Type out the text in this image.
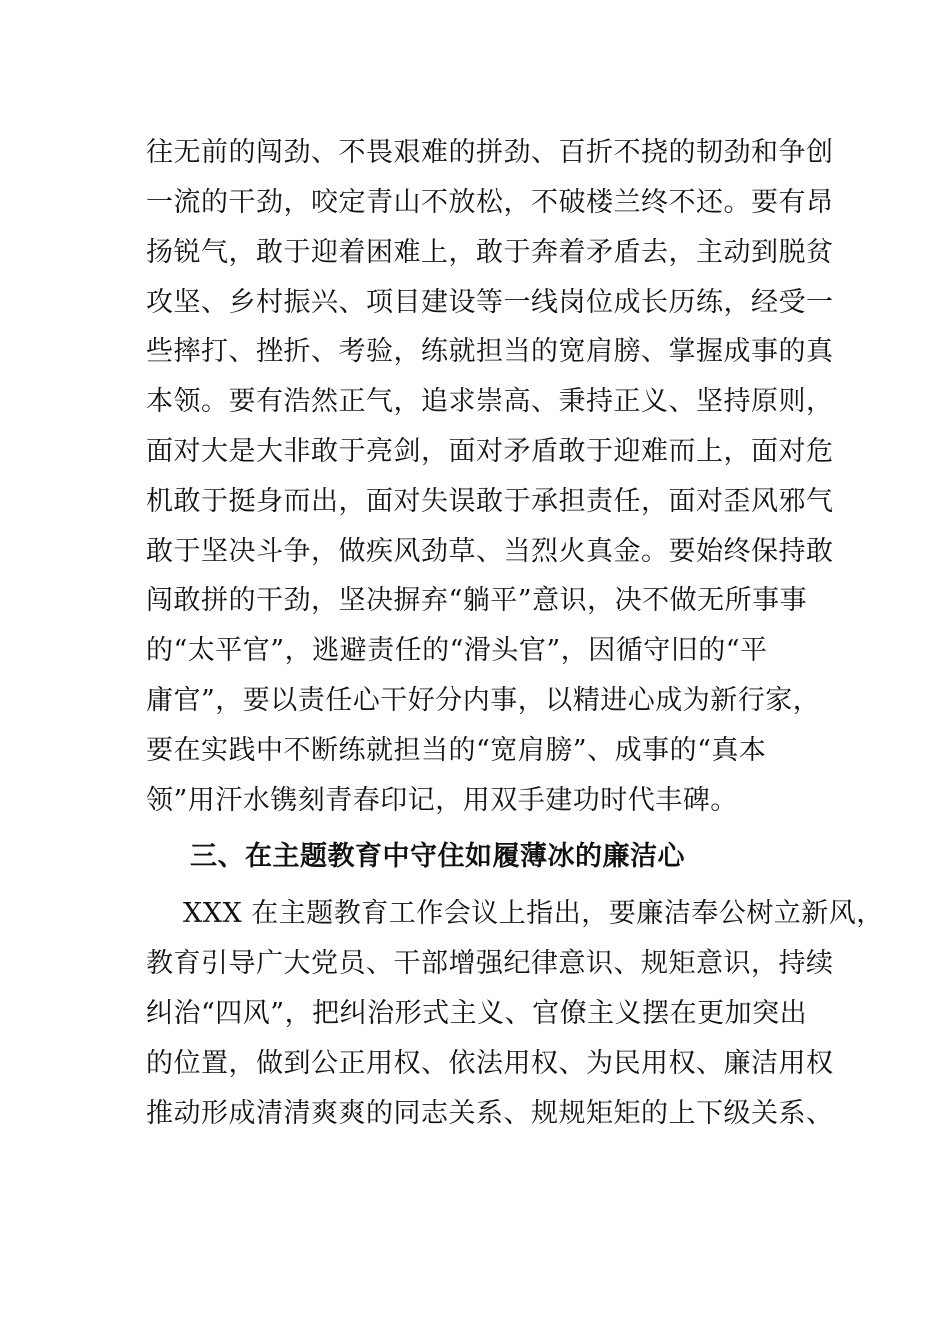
往无前的闯劲、不畏艰难的拼劲、百折不挠的韧劲和争创
一流的干劲，咬定青山不放松，不破楼兰终不还。要有昂
扬锐气，敢于迎着困难上，敢于奔着矛盾去，主动到脱贫
攻坚、乡村振兴、项目建设等一线岗位成长历练，经受一
些摔打、挫折、考验，练就担当的宽肩膀、掌握成事的真
本领。要有浩然正气，追求崇高、秉持正义、坚持原则，
面对大是大非敢于亮剑，面对矛盾敢于迎难而上，面对危
机敢于挺身而出，面对失误敢于承担责任，面对歪风邪气
敢于坚决斗争，做疾风劲草、当烈火真金。要始终保持敢
闯敢拼的干劲，坚决摒弃“躺平”意识，决不做无所事事
的“太平官”，逃避责任的“滑头官”，因循守旧的“平
庸官”，要以责任心干好分内事，以精进心成为新行家，
要在实践中不断练就担当的“宽肩膀”、成事的“真本
领”用汗水镌刻青春印记，用双手建功时代丰碑。
三、在主题教育中守住如履薄冰的廉洁心
XXX 在主题教育工作会议上指出，要廉洁奉公树立新风，
教育引导广大党员、干部增强纪律意识、规矩意识，持续
纠治“四风”，把纠治形式主义、官僚主义摆在更加突出
的位置，做到公正用权、依法用权、为民用权、廉洁用权
推动形成清清爽爽的同志关系、规规矩矩的上下级关系、
